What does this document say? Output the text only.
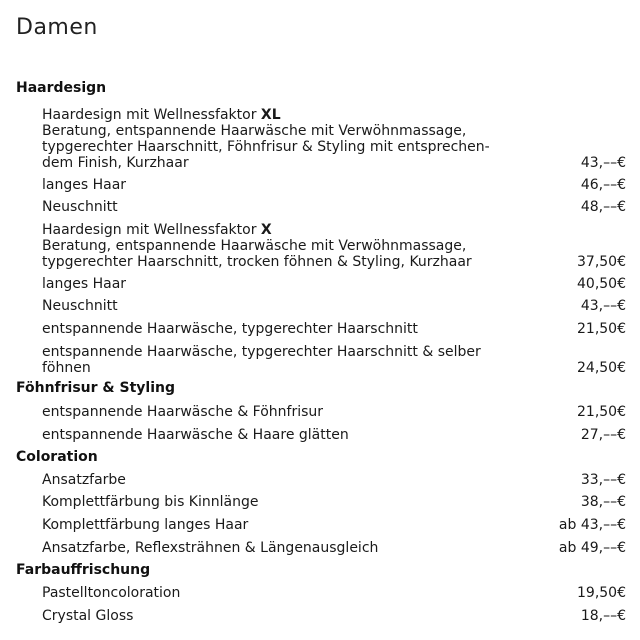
Damen
Haardesign
Haardesign mit Wellnessfaktor XL
Beratung, entspannende Haarwäsche mit Verwöhnmassage,
typgerechter Haarschnitt, Föhnfrisur & Styling mit entsprechen-
dem Finish, Kurzhaar	43,––€
langes Haar	46,––€
Neuschnitt	48,––€
Haardesign mit Wellnessfaktor X
Beratung, entspannende Haarwäsche mit Verwöhnmassage,
typgerechter Haarschnitt, trocken föhnen & Styling, Kurzhaar	37,50€
langes Haar	40,50€
Neuschnitt	43,––€
entspannende Haarwäsche, typgerechter Haarschnitt	21,50€
entspannende Haarwäsche, typgerechter Haarschnitt & selber
föhnen	24,50€
Föhnfrisur & Styling
entspannende Haarwäsche & Föhnfrisur	21,50€
entspannende Haarwäsche & Haare glätten	27,––€
Coloration
Ansatzfarbe	33,––€
Komplettfärbung bis Kinnlänge	38,––€
Komplettfärbung langes Haar	ab 43,––€
Ansatzfarbe, Reflexsträhnen & Längenausgleich	ab 49,––€
Farbauffrischung
Pastelltoncoloration	19,50€
Crystal Gloss	18,––€
